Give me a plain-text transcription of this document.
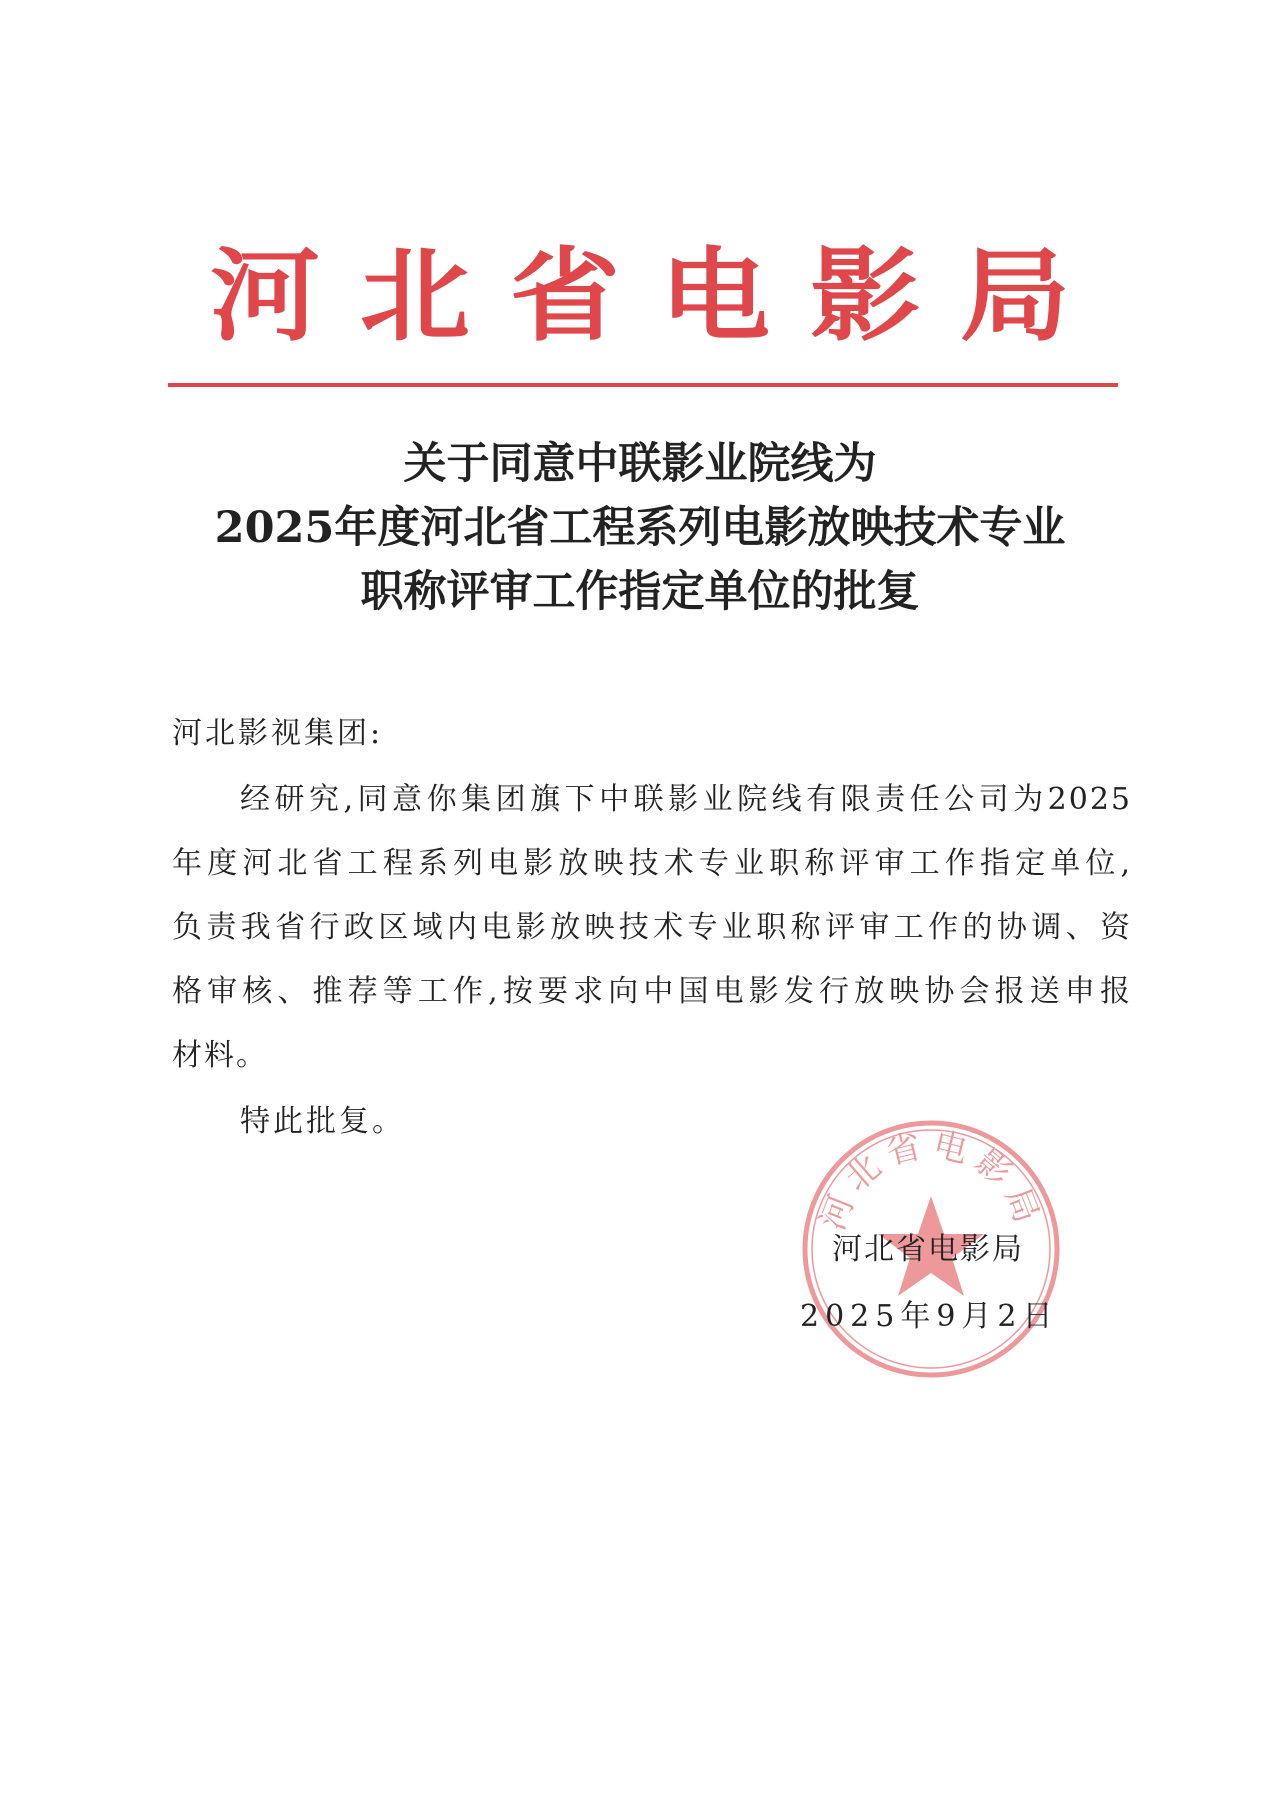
河 北 省 电 影 局
关于同意中联影业院线为
2025年度河北省工程系列电影放映技术专业
职称评审工作指定单位的批复
河北影视集团:
经研究,同意你集团旗下中联影业院线有限责任公司为2025
年度河北省工程系列电影放映技术专业职称评审工作指定单位,
负责我省行政区域内电影放映技术专业职称评审工作的协调、资
格审核、推荐等工作,按要求向中国电影发行放映协会报送申报
材料。
特此批复。
河北省电影局
河北省电影局
2025年9月2日
